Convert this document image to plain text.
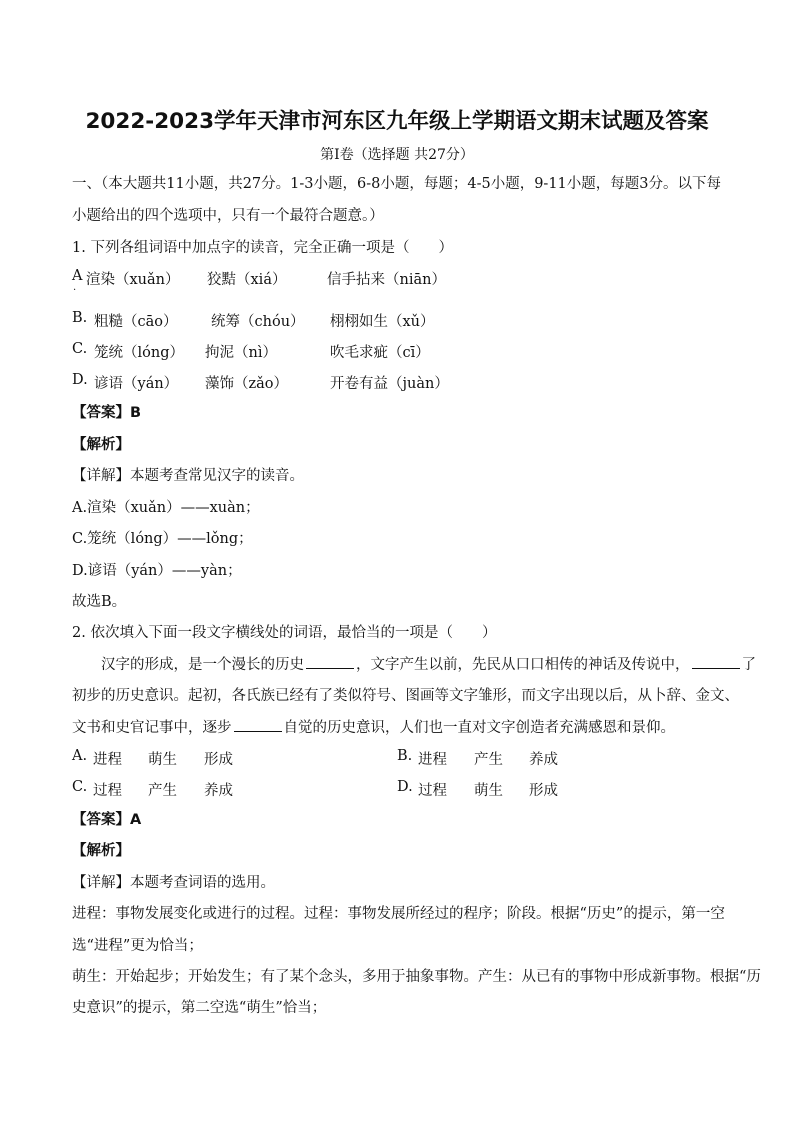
2022-2023学年天津市河东区九年级上学期语文期末试题及答案
第I卷（选择题 共27分）
一、（本大题共11小题，共27分。1-3小题，6-8小题，每题；4-5小题，9-11小题，每题3分。以下每
小题给出的四个选项中，只有一个最符合题意。）
1. 下列各组词语中加点字的读音，完全正确一项是（　　）
A 渲染（xuǎn） 狡黠（xiá）	信手拈来（niān）
.
B. 粗糙（cāo） 统筹（chóu） 栩栩如生（xǔ）
C. 笼统（lóng） 拘泥（nì）	吹毛求疵（cī）
D. 谚语（yán） 藻饰（zǎo）	开卷有益（juàn）
【答案】B
【解析】
【详解】本题考查常见汉字的读音。
A.渲染（xuǎn）——xuàn；
C.笼统（lóng）——lǒng；
D.谚语（yán）——yàn；
故选B。
2. 依次填入下面一段文字横线处的词语，最恰当的一项是（　　）
汉字的形成，是一个漫长的历史	，文字产生以前，先民从口口相传的神话及传说中，	了
初步的历史意识。起初，各氏族已经有了类似符号、图画等文字雏形，而文字出现以后，从卜辞、金文、
文书和史官记事中，逐步	自觉的历史意识，人们也一直对文字创造者充满感恩和景仰。
A. 进程 萌生 形成	B. 进程 产生 养成
C. 过程 产生 养成	D. 过程 萌生 形成
【答案】A
【解析】
【详解】本题考查词语的选用。
进程：事物发展变化或进行的过程。过程：事物发展所经过的程序；阶段。根据“历史”的提示，第一空
选“进程”更为恰当；
萌生：开始起步；开始发生；有了某个念头，多用于抽象事物。产生：从已有的事物中形成新事物。根据“历
史意识”的提示，第二空选“萌生”恰当；
